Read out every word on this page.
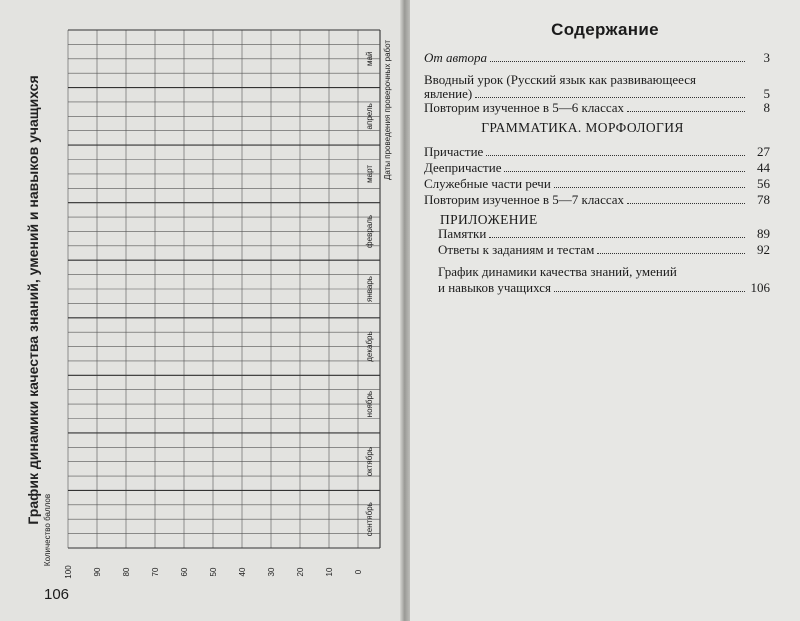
сентябрь
октябрь
ноябрь
декабрь
январь
февраль
март
апрель
май
100	90	80	70	60	50	40	30	20	10	0
Количество баллов
Даты проведения проверочных работ
График динамики качества знаний, умений и навыков учащихся
106
Содержание
От автора	3
Вводный урок (Русский язык как развивающееся
явление)	5
Повторим изученное в 5—6 классах	8
ГРАММАТИКА. МОРФОЛОГИЯ
Причастие	27
Деепричастие	44
Служебные части речи	56
Повторим изученное в 5—7 классах	78
ПРИЛОЖЕНИЕ
Памятки	89
Ответы к заданиям и тестам	92
График динамики качества знаний, умений
и навыков учащихся	106
